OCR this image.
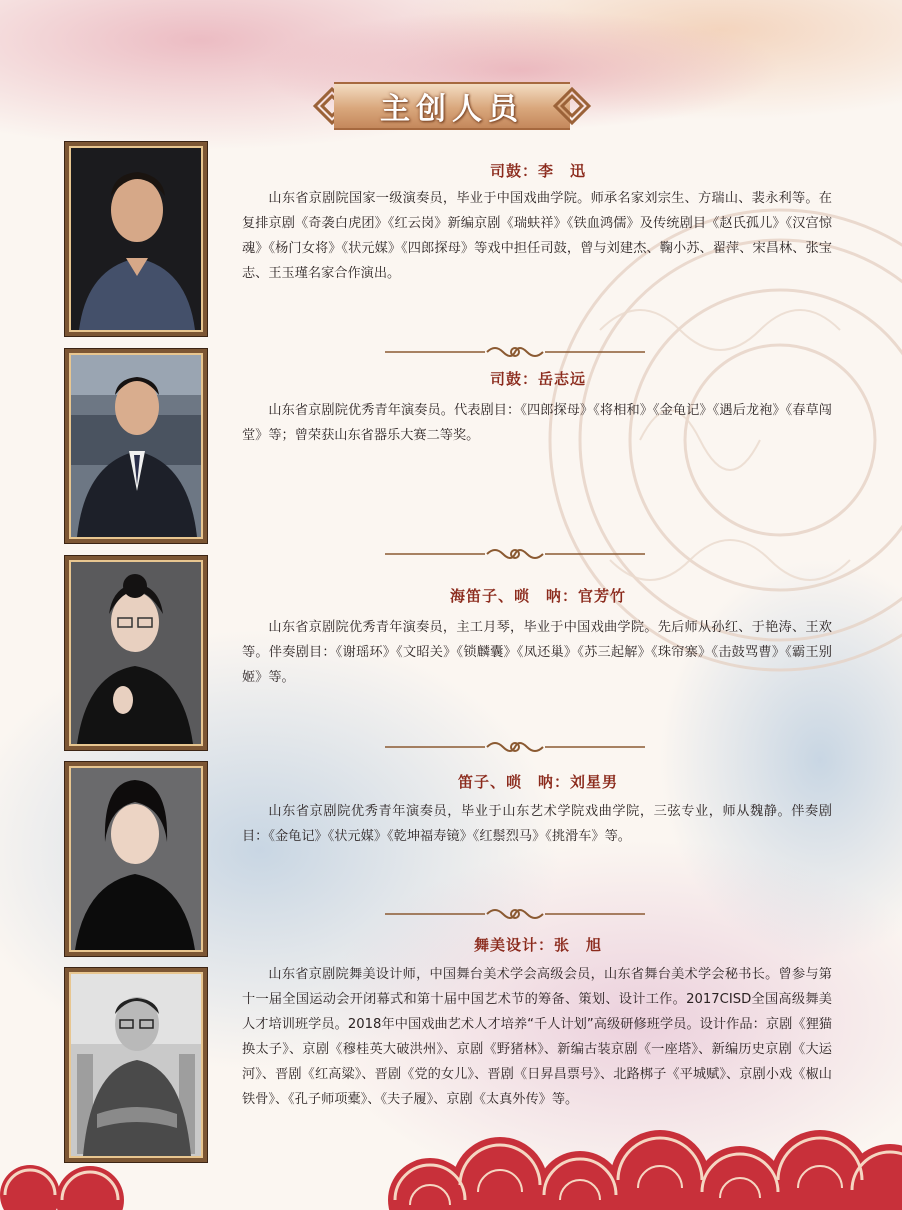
主创人员
司鼓：李　迅

山东省京剧院国家一级演奏员，毕业于中国戏曲学院。师承名家刘宗生、方瑞山、裴永利等。在复排京剧《奇袭白虎团》《红云岗》新编京剧《瑞蚨祥》《铁血鸿儒》及传统剧目《赵氏孤儿》《汉宫惊魂》《杨门女将》《状元媒》《四郎探母》等戏中担任司鼓，曾与刘建杰、鞠小苏、翟萍、宋昌林、张宝志、王玉瑾名家合作演出。

司鼓：岳志远

山东省京剧院优秀青年演奏员。代表剧目：《四郎探母》《将相和》《金龟记》《遇后龙袍》《春草闯堂》等；曾荣获山东省器乐大赛二等奖。

海笛子、唢　呐：官芳竹

山东省京剧院优秀青年演奏员，主工月琴，毕业于中国戏曲学院。先后师从孙红、于艳涛、王欢等。伴奏剧目：《谢瑶环》《文昭关》《锁麟囊》《凤还巢》《苏三起解》《珠帘寨》《击鼓骂曹》《霸王别姬》等。

笛子、唢　呐：刘星男

山东省京剧院优秀青年演奏员，毕业于山东艺术学院戏曲学院，三弦专业，师从魏静。伴奏剧目：《金龟记》《状元媒》《乾坤福寿镜》《红鬃烈马》《挑滑车》等。

舞美设计：张　旭

山东省京剧院舞美设计师，中国舞台美术学会高级会员，山东省舞台美术学会秘书长。曾参与第十一届全国运动会开闭幕式和第十届中国艺术节的筹备、策划、设计工作。2017CISD全国高级舞美人才培训班学员。2018年中国戏曲艺术人才培养“千人计划”高级研修班学员。设计作品：京剧《狸猫换太子》、京剧《穆桂英大破洪州》、京剧《野猪林》、新编古装京剧《一座塔》、新编历史京剧《大运河》、晋剧《红高粱》、晋剧《党的女儿》、晋剧《日昇昌票号》、北路梆子《平城赋》、京剧小戏《椒山铁骨》、《孔子师项橐》、《夫子履》、京剧《太真外传》等。
